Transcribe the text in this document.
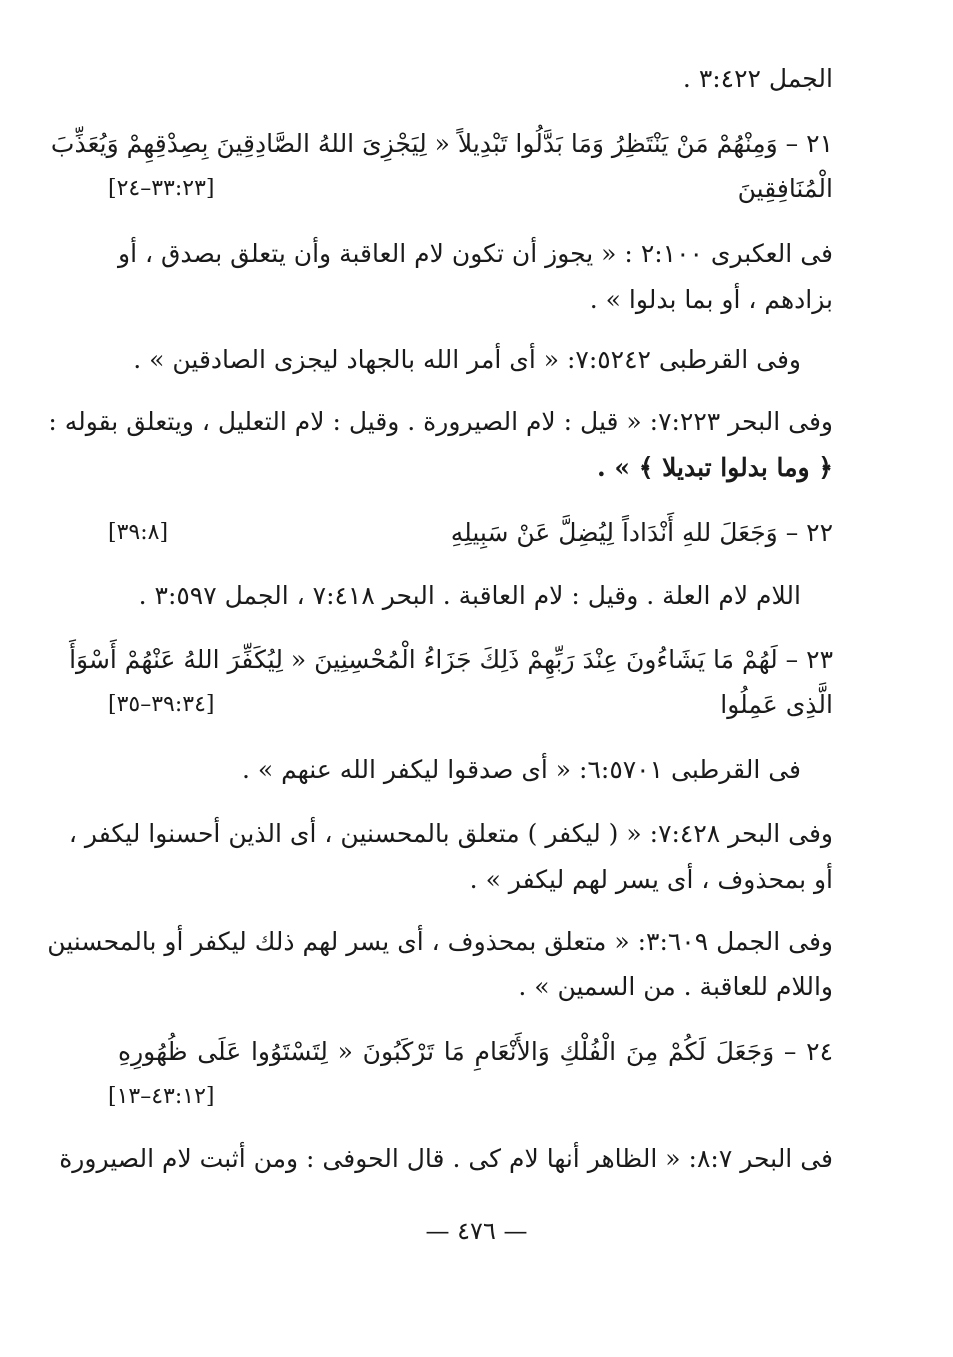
الجمل ٣:٤٢٢ .
٢١ – وَمِنْهُمْ مَنْ يَنْتَظِرُ وَمَا بَدَّلُوا تَبْدِيلاً « لِيَجْزِىَ اللهُ الصَّادِقِينَ بِصِدْقِهِمْ وَيُعَذِّبَ
الْمُنَافِقِينَ
[٣٣:٢٣–٢٤]
فى العكبرى ٢:١٠٠ : « يجوز أن تكون لام العاقبة وأن يتعلق بصدق ، أو
بزادهم ، أو بما بدلوا » .
وفى القرطبى ٧:٥٢٤٢: « أى أمر الله بالجهاد ليجزى الصادقين » .
وفى البحر ٧:٢٢٣: « قيل : لام الصيرورة . وقيل : لام التعليل ، ويتعلق بقوله :
﴿ وما بدلوا تبديلا ﴾ » .
٢٢ – وَجَعَلَ للهِ أَنْدَاداً لِيُضِلَّ عَنْ سَبِيلِهِ
[٣٩:٨]
اللام لام العلة . وقيل : لام العاقبة . البحر ٧:٤١٨ ، الجمل ٣:٥٩٧ .
٢٣ – لَهُمْ مَا يَشَاءُونَ عِنْدَ رَبِّهِمْ ذَلِكَ جَزَاءُ الْمُحْسِنِينَ « لِيُكَفِّرَ اللهُ عَنْهُمْ أَسْوَأَ
الَّذِى عَمِلُوا
[٣٩:٣٤–٣٥]
فى القرطبى ٦:٥٧٠١: « أى صدقوا ليكفر الله عنهم » .
وفى البحر ٧:٤٢٨: « ( ليكفر ) متعلق بالمحسنين ، أى الذين أحسنوا ليكفر ،
أو بمحذوف ، أى يسر لهم ليكفر » .
وفى الجمل ٣:٦٠٩: « متعلق بمحذوف ، أى يسر لهم ذلك ليكفر أو بالمحسنين
واللام للعاقبة . من السمين » .
٢٤ – وَجَعَلَ لَكُمْ مِنَ الْفُلْكِ وَالأَنْعَامِ مَا تَرْكَبُونَ « لِتَسْتَوُوا عَلَى ظُهُورِهِ
[٤٣:١٢–١٣]
فى البحر ٨:٧: « الظاهر أنها لام كى . قال الحوفى : ومن أثبت لام الصيرورة
— ٤٧٦ —
